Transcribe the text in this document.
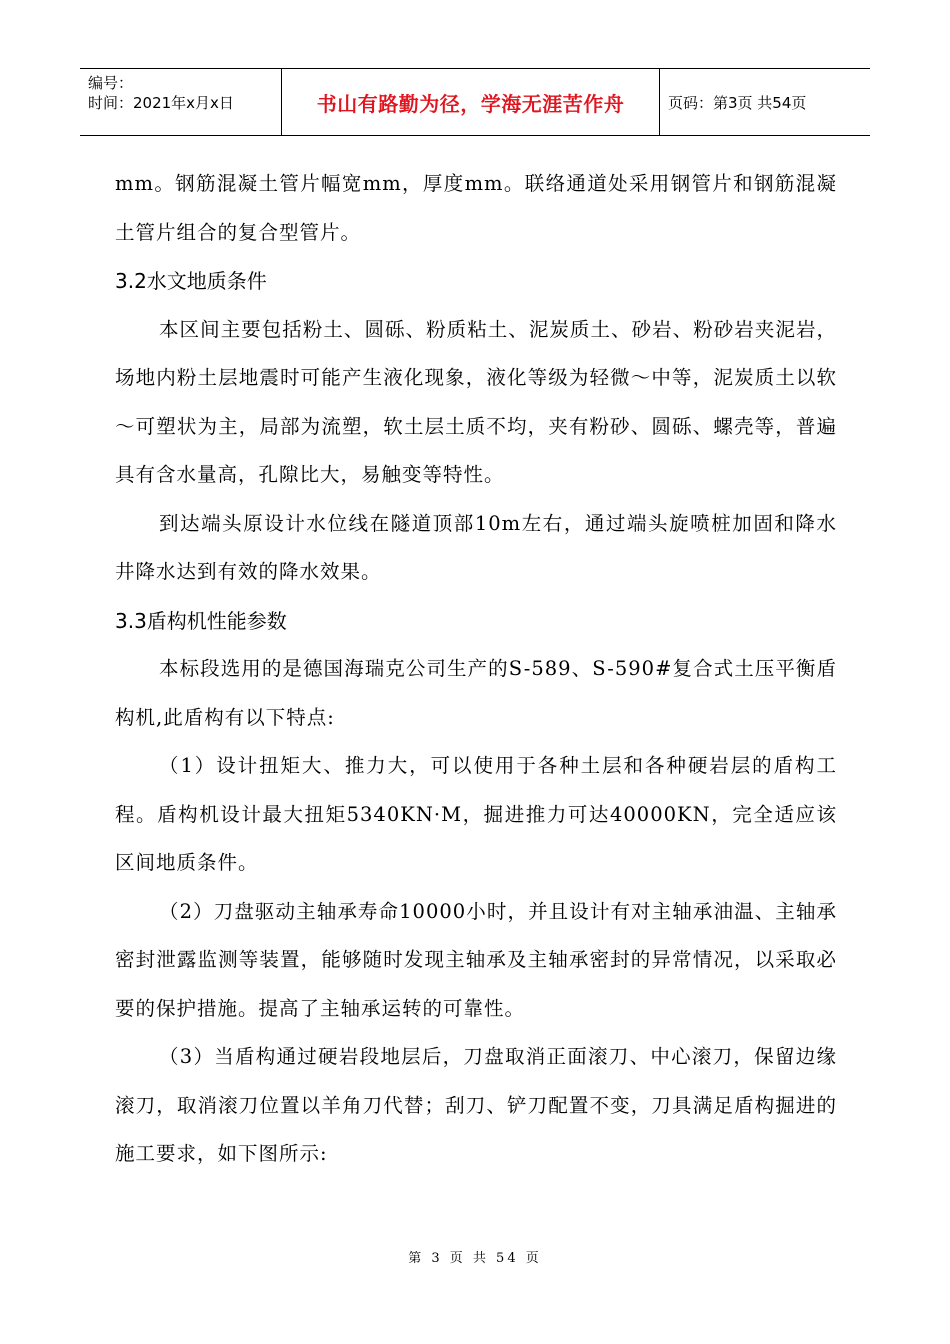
编号：
时间：2021年x月x日	书山有路勤为径，学海无涯苦作舟	页码：第3页 共54页

mm。钢筋混凝土管片幅宽mm，厚度mm。联络通道处采用钢管片和钢筋混凝土管片组合的复合型管片。

3.2水文地质条件

本区间主要包括粉土、圆砾、粉质粘土、泥炭质土、砂岩、粉砂岩夹泥岩，场地内粉土层地震时可能产生液化现象，液化等级为轻微～中等，泥炭质土以软～可塑状为主，局部为流塑，软土层土质不均，夹有粉砂、圆砾、螺壳等，普遍具有含水量高，孔隙比大，易触变等特性。

到达端头原设计水位线在隧道顶部10m左右，通过端头旋喷桩加固和降水井降水达到有效的降水效果。

3.3盾构机性能参数

本标段选用的是德国海瑞克公司生产的S-589、S-590#复合式土压平衡盾构机,此盾构有以下特点:

（1）设计扭矩大、推力大，可以使用于各种土层和各种硬岩层的盾构工程。盾构机设计最大扭矩5340KN·M，掘进推力可达40000KN，完全适应该区间地质条件。

（2）刀盘驱动主轴承寿命10000小时，并且设计有对主轴承油温、主轴承密封泄露监测等装置，能够随时发现主轴承及主轴承密封的异常情况，以采取必要的保护措施。提高了主轴承运转的可靠性。

（3）当盾构通过硬岩段地层后，刀盘取消正面滚刀、中心滚刀，保留边缘滚刀，取消滚刀位置以羊角刀代替；刮刀、铲刀配置不变，刀具满足盾构掘进的施工要求，如下图所示:

第 3 页 共 54 页
